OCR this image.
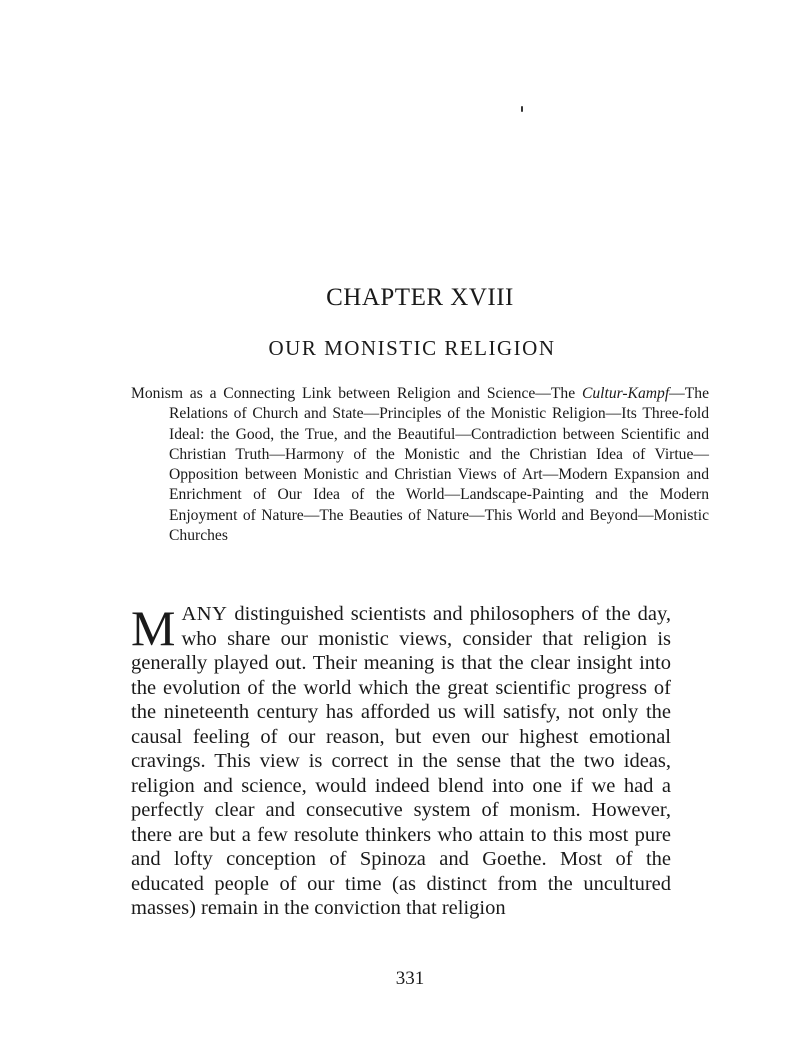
CHAPTER XVIII
OUR MONISTIC RELIGION

Monism as a Connecting Link between Religion and Science—The Cultur-Kampf—The Relations of Church and State—Principles of the Monistic Religion—Its Three-fold Ideal: the Good, the True, and the Beautiful—Contradiction between Scientific and Christian Truth—Harmony of the Monistic and the Christian Idea of Virtue—Opposition between Monistic and Christian Views of Art—Modern Expansion and Enrichment of Our Idea of the World—Landscape-Painting and the Modern Enjoyment of Nature—The Beauties of Nature—This World and Beyond—Monistic Churches

MANY distinguished scientists and philosophers of the day, who share our monistic views, consider that religion is generally played out. Their meaning is that the clear insight into the evolution of the world which the great scientific progress of the nineteenth century has afforded us will satisfy, not only the causal feeling of our reason, but even our highest emotional cravings. This view is correct in the sense that the two ideas, religion and science, would indeed blend into one if we had a perfectly clear and consecutive system of monism. However, there are but a few resolute thinkers who attain to this most pure and lofty conception of Spinoza and Goethe. Most of the educated people of our time (as distinct from the uncultured masses) remain in the conviction that religion

331
